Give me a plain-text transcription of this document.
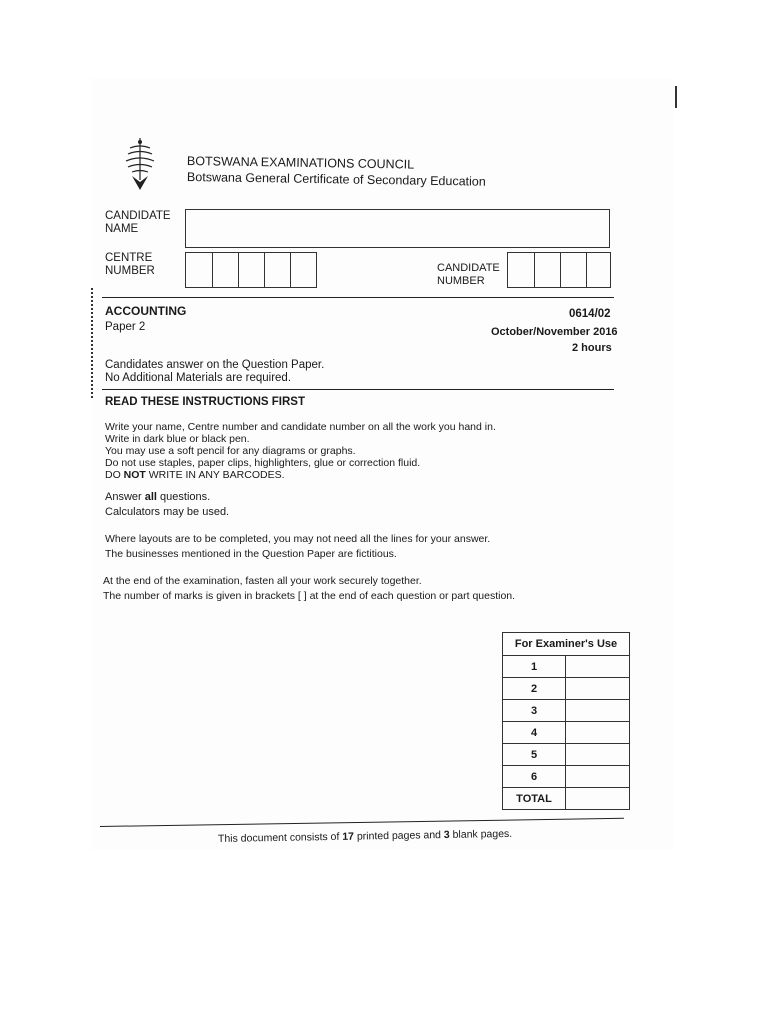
BOTSWANA EXAMINATIONS COUNCIL
Botswana General Certificate of Secondary Education
CANDIDATE
NAME
CENTRE
NUMBER	CANDIDATE
NUMBER
ACCOUNTING
Paper 2
0614/02
October/November 2016
2 hours
Candidates answer on the Question Paper.
No Additional Materials are required.
READ THESE INSTRUCTIONS FIRST
Write your name, Centre number and candidate number on all the work you hand in.
Write in dark blue or black pen.
You may use a soft pencil for any diagrams or graphs.
Do not use staples, paper clips, highlighters, glue or correction fluid.
DO NOT WRITE IN ANY BARCODES.
Answer all questions.
Calculators may be used.
Where layouts are to be completed, you may not need all the lines for your answer.
The businesses mentioned in the Question Paper are fictitious.
At the end of the examination, fasten all your work securely together.
The number of marks is given in brackets [ ] at the end of each question or part question.
For Examiner's Use	
1	
2	
3	
4	
5	
6	
TOTAL	
This document consists of 17 printed pages and 3 blank pages.
